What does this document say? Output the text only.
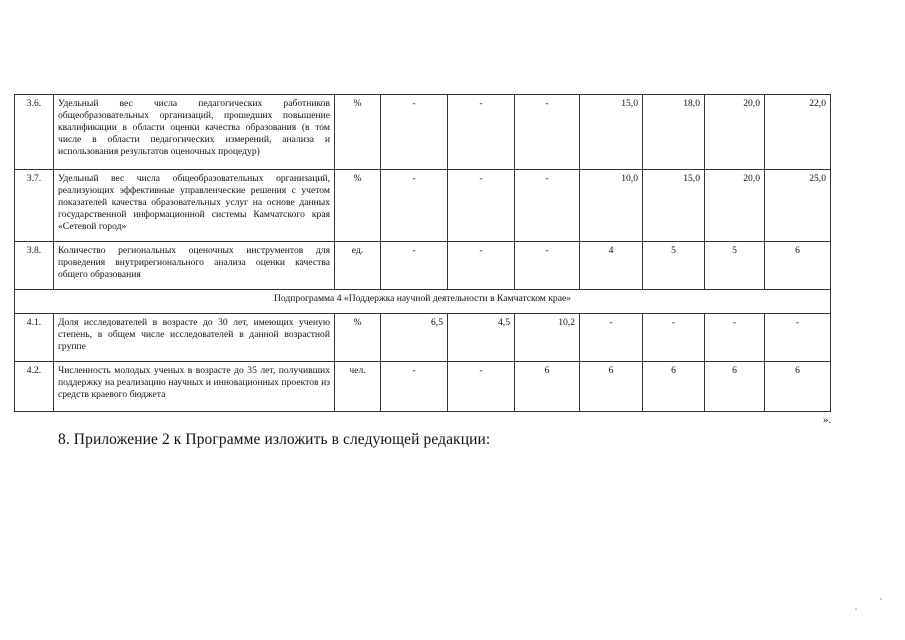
3.6.	Удельный вес числа педагогических работников общеобразовательных организаций, прошедших повышение квалификации в области оценки качества образования (в том числе в области педагогических измерений, анализа и использования результатов оценочных процедур)	%	-	-	-	15,0	18,0	20,0	22,0
3.7.	Удельный вес числа общеобразовательных организаций, реализующих эффективные управленческие решения с учетом показателей качества образовательных услуг на основе данных государственной информационной системы Камчатского края «Сетевой город»	%	-	-	-	10,0	15,0	20,0	25,0
3.8.	Количество региональных оценочных инструментов для проведения внутрирегионального анализа оценки качества общего образования	ед.	-	-	-	4	5	5	6
Подпрограмма 4 «Поддержка научной деятельности в Камчатском крае»									
4.1.	Доля исследователей в возрасте до 30 лет, имеющих ученую степень, в общем числе исследователей в данной возрастной группе	%	6,5	4,5	10,2	-	-	-	-
4.2.	Численность молодых ученых в возрасте до 35 лет, получивших поддержку на реализацию научных и инновационных проектов из средств краевого бюджета	чел.	-	-	6	6	6	6	6
».
8. Приложение 2 к Программе изложить в следующей редакции:
